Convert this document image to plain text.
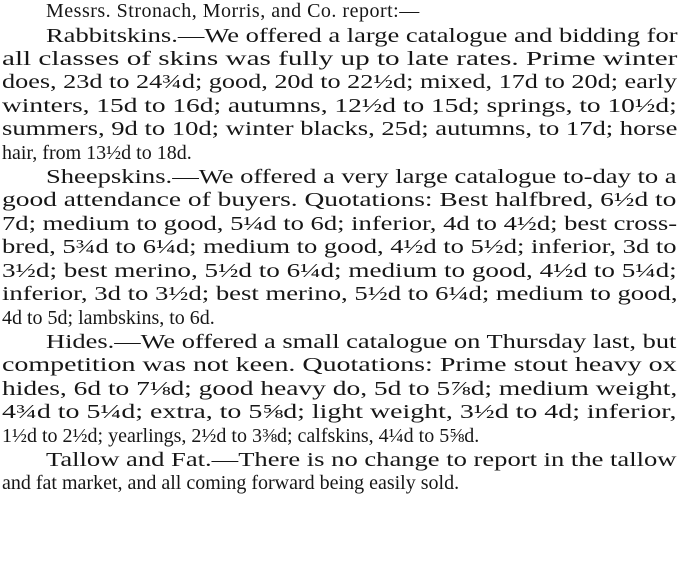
Messrs. Stronach, Morris, and Co. report:—
Rabbitskins.—We offered a large catalogue and bidding for
all classes of skins was fully up to late rates. Prime winter
does, 23d to 24¾d; good, 20d to 22½d; mixed, 17d to 20d; early
winters, 15d to 16d; autumns, 12½d to 15d; springs, to 10½d;
summers, 9d to 10d; winter blacks, 25d; autumns, to 17d; horse
hair, from 13½d to 18d.
Sheepskins.—We offered a very large catalogue to-day to a
good attendance of buyers. Quotations: Best halfbred, 6½d to
7d; medium to good, 5¼d to 6d; inferior, 4d to 4½d; best cross-
bred, 5¾d to 6¼d; medium to good, 4½d to 5½d; inferior, 3d to
3½d; best merino, 5½d to 6¼d; medium to good, 4½d to 5¼d;
inferior, 3d to 3½d; best merino, 5½d to 6¼d; medium to good,
4d to 5d; lambskins, to 6d.
Hides.—We offered a small catalogue on Thursday last, but
competition was not keen. Quotations: Prime stout heavy ox
hides, 6d to 7⅛d; good heavy do, 5d to 5⅞d; medium weight,
4¾d to 5¼d; extra, to 5⅝d; light weight, 3½d to 4d; inferior,
1½d to 2½d; yearlings, 2½d to 3⅜d; calfskins, 4¼d to 5⅝d.
Tallow and Fat.—There is no change to report in the tallow
and fat market, and all coming forward being easily sold.
